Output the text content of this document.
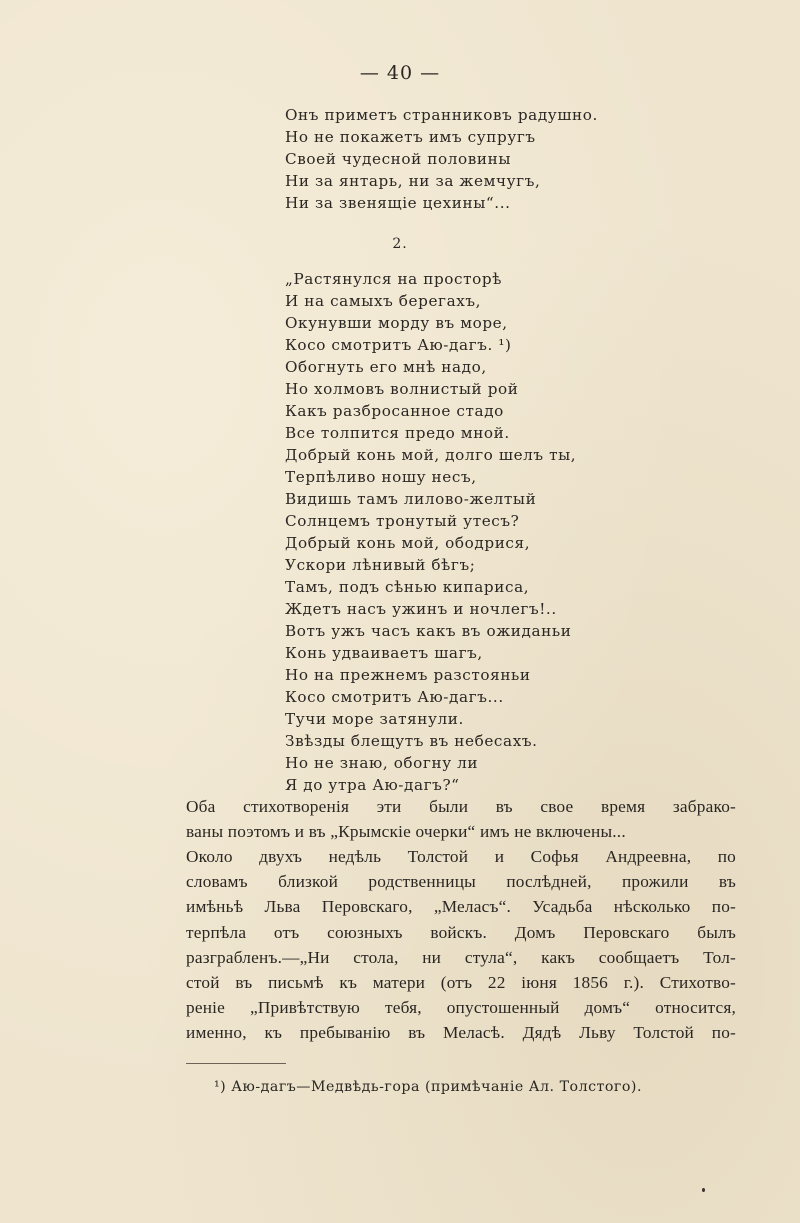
— 40 —
Онъ приметъ странниковъ радушно.
Но не покажетъ имъ супругъ
Своей чудесной половины
Ни за янтарь, ни за жемчугъ,
Ни за звенящіе цехины“...
2.
„Растянулся на просторѣ
И на самыхъ берегахъ,
Окунувши морду въ море,
Косо смотритъ Аю-дагъ. ¹)
Обогнуть его мнѣ надо,
Но холмовъ волнистый рой
Какъ разбросанное стадо
Все толпится предо мной.
Добрый конь мой, долго шелъ ты,
Терпѣливо ношу несъ,
Видишь тамъ лилово-желтый
Солнцемъ тронутый утесъ?
Добрый конь мой, ободрися,
Ускори лѣнивый бѣгъ;
Тамъ, подъ сѣнью кипариса,
Ждетъ насъ ужинъ и ночлегъ!..
Вотъ ужъ часъ какъ въ ожиданьи
Конь удваиваетъ шагъ,
Но на прежнемъ разстояньи
Косо смотритъ Аю-дагъ...
Тучи море затянули.
Звѣзды блещутъ въ небесахъ.
Но не знаю, обогну ли
Я до утра Аю-дагъ?“
Оба стихотворенія эти были въ свое время забрако-
ваны поэтомъ и въ „Крымскіе очерки“ имъ не включены...
Около двухъ недѣль Толстой и Софья Андреевна, по
словамъ близкой родственницы послѣдней, прожили въ
имѣньѣ Льва Перовскаго, „Меласъ“. Усадьба нѣсколько по-
терпѣла отъ союзныхъ войскъ. Домъ Перовскаго былъ
разграбленъ.—„Ни стола, ни стула“, какъ сообщаетъ Тол-
стой въ письмѣ къ матери (отъ 22 іюня 1856 г.). Стихотво-
реніе „Привѣтствую тебя, опустошенный домъ“ относится,
именно, къ пребыванію въ Меласѣ. Дядѣ Льву Толстой по-
¹) Аю-дагъ—Медвѣдь-гора (примѣчаніе Ал. Толстого).
